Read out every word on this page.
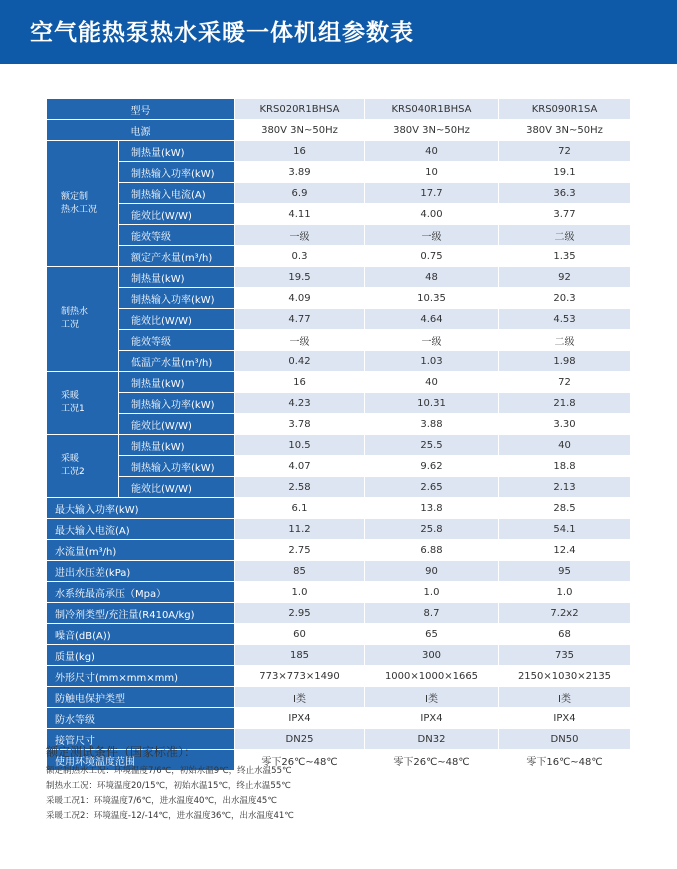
空气能热泵热水采暖一体机组参数表
型号		KRS020R1BHSA	KRS040R1BHSA	KRS090R1SA
电源		380V 3N~50Hz	380V 3N~50Hz	380V 3N~50Hz
额定制
热水工况	制热量(kW)	16	40	72
	制热输入功率(kW)	3.89	10	19.1
	制热输入电流(A)	6.9	17.7	36.3
	能效比(W/W)	4.11	4.00	3.77
	能效等级	一级	一级	二级
	额定产水量(m³/h)	0.3	0.75	1.35
制热水
工况	制热量(kW)	19.5	48	92
	制热输入功率(kW)	4.09	10.35	20.3
	能效比(W/W)	4.77	4.64	4.53
	能效等级	一级	一级	二级
	低温产水量(m³/h)	0.42	1.03	1.98
采暖
工况1	制热量(kW)	16	40	72
	制热输入功率(kW)	4.23	10.31	21.8
	能效比(W/W)	3.78	3.88	3.30
采暖
工况2	制热量(kW)	10.5	25.5	40
	制热输入功率(kW)	4.07	9.62	18.8
	能效比(W/W)	2.58	2.65	2.13
最大输入功率(kW)		6.1	13.8	28.5
最大输入电流(A)		11.2	25.8	54.1
水流量(m³/h)		2.75	6.88	12.4
进出水压差(kPa)		85	90	95
水系统最高承压（Mpa）		1.0	1.0	1.0
制冷剂类型/充注量(R410A/kg)		2.95	8.7	7.2x2
噪音(dB(A))		60	65	68
质量(kg)		185	300	735
外形尺寸(mm×mm×mm)		773×773×1490	1000×1000×1665	2150×1030×2135
防触电保护类型		I类	I类	I类
防水等级		IPX4	IPX4	IPX4
接管尺寸		DN25	DN32	DN50
使用环境温度范围		零下26℃~48℃	零下26℃~48℃	零下16℃~48℃
额定测试条件（国家标准）：
额定制热水工况：环境温度7/6℃，初始水温9℃，终止水温55℃
制热水工况：环境温度20/15℃，初始水温15℃，终止水温55℃
采暖工况1：环境温度7/6℃，进水温度40℃，出水温度45℃
采暖工况2：环境温度-12/-14℃，进水温度36℃，出水温度41℃
